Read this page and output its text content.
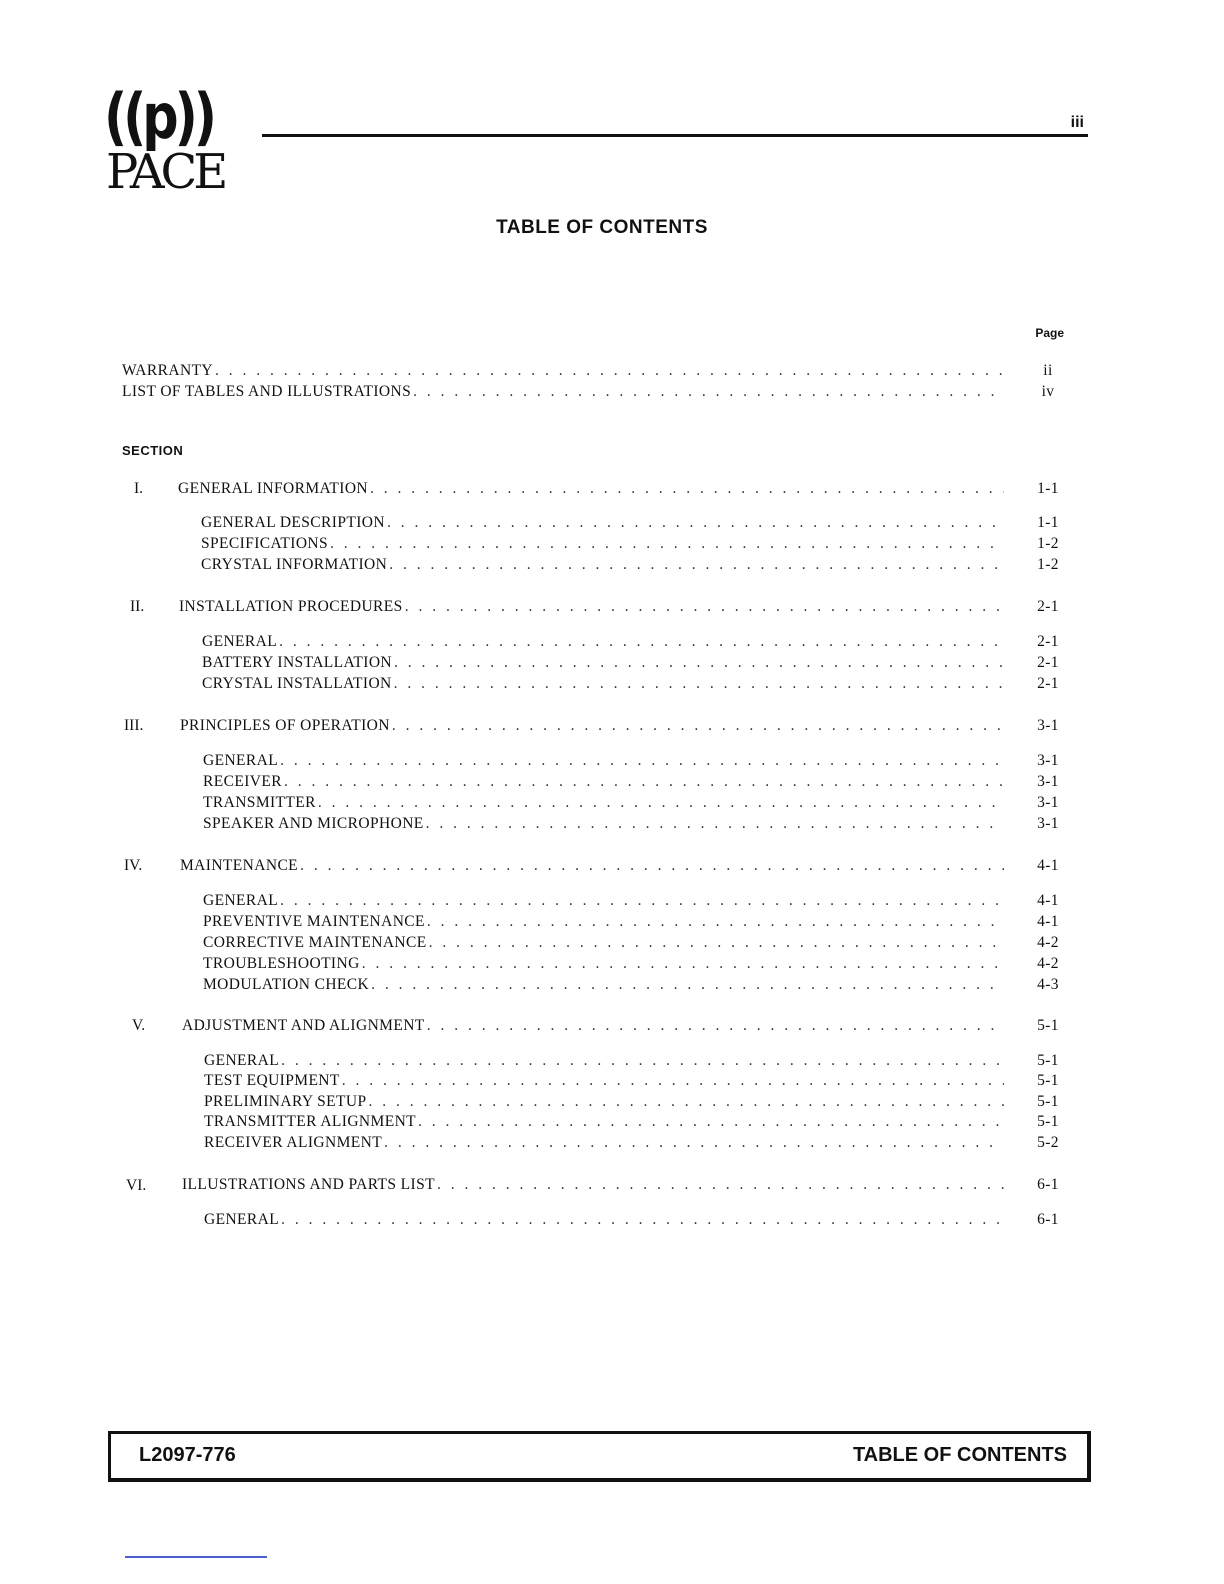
((p))
PACE
iii
TABLE OF CONTENTS
Page
WARRANTY . . .	ii
LIST OF TABLES AND ILLUSTRATIONS . . .	iv
SECTION
I. GENERAL INFORMATION . . .	1-1
GENERAL DESCRIPTION . . .	1-1
SPECIFICATIONS . . .	1-2
CRYSTAL INFORMATION . . .	1-2
II. INSTALLATION PROCEDURES . . .	2-1
GENERAL . . .	2-1
BATTERY INSTALLATION . . .	2-1
CRYSTAL INSTALLATION . . .	2-1
III. PRINCIPLES OF OPERATION . . .	3-1
GENERAL . . .	3-1
RECEIVER . . .	3-1
TRANSMITTER . . .	3-1
SPEAKER AND MICROPHONE . . .	3-1
IV. MAINTENANCE . . .	4-1
GENERAL . . .	4-1
PREVENTIVE MAINTENANCE . . .	4-1
CORRECTIVE MAINTENANCE . . .	4-2
TROUBLESHOOTING . . .	4-2
MODULATION CHECK . . .	4-3
V. ADJUSTMENT AND ALIGNMENT . . .	5-1
GENERAL . . .	5-1
TEST EQUIPMENT . . .	5-1
PRELIMINARY SETUP . . .	5-1
TRANSMITTER ALIGNMENT . . .	5-1
RECEIVER ALIGNMENT . . .	5-2
VI. ILLUSTRATIONS AND PARTS LIST . . .	6-1
GENERAL . . .	6-1
L2097-776	TABLE OF CONTENTS
